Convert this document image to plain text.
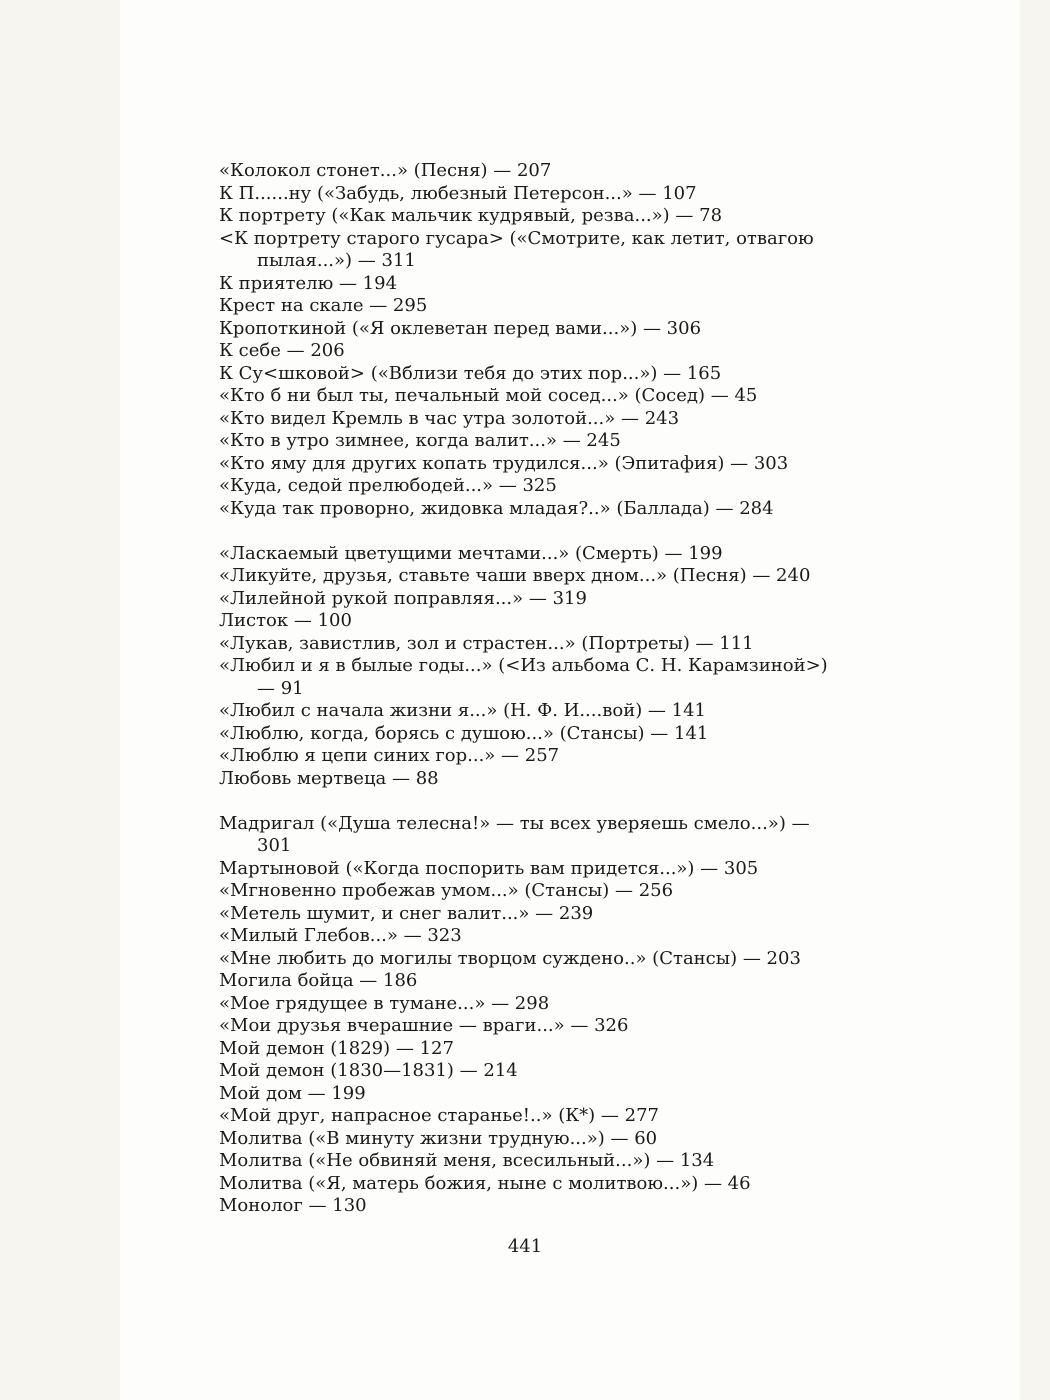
«Колокол стонет...» (Песня) — 207
К П......ну («Забудь, любезный Петерсон...» — 107
К портрету («Как мальчик кудрявый, резва...») — 78
<К портрету старого гусара> («Смотрите, как летит, отвагою пылая...») — 311
К приятелю — 194
Крест на скале — 295
Кропоткиной («Я оклеветан перед вами...») — 306
К себе — 206
К Су<шковой> («Вблизи тебя до этих пор...») — 165
«Кто б ни был ты, печальный мой сосед...» (Сосед) — 45
«Кто видел Кремль в час утра золотой...» — 243
«Кто в утро зимнее, когда валит...» — 245
«Кто яму для других копать трудился...» (Эпитафия) — 303
«Куда, седой прелюбодей...» — 325
«Куда так проворно, жидовка младая?..» (Баллада) — 284
«Ласкаемый цветущими мечтами...» (Смерть) — 199
«Ликуйте, друзья, ставьте чаши вверх дном...» (Песня) — 240
«Лилейной рукой поправляя...» — 319
Листок — 100
«Лукав, завистлив, зол и страстен...» (Портреты) — 111
«Любил и я в былые годы...» (<Из альбома С. Н. Карамзиной>) — 91
«Любил с начала жизни я...» (Н. Ф. И....вой) — 141
«Люблю, когда, борясь с душою...» (Стансы) — 141
«Люблю я цепи синих гор...» — 257
Любовь мертвеца — 88
Мадригал («Душа телесна!» — ты всех уверяешь смело...») — 301
Мартыновой («Когда поспорить вам придется...») — 305
«Мгновенно пробежав умом...» (Стансы) — 256
«Метель шумит, и снег валит...» — 239
«Милый Глебов...» — 323
«Мне любить до могилы творцом суждено..» (Стансы) — 203
Могила бойца — 186
«Мое грядущее в тумане...» — 298
«Мои друзья вчерашние — враги...» — 326
Мой демон (1829) — 127
Мой демон (1830—1831) — 214
Мой дом — 199
«Мой друг, напрасное старанье!..» (К*) — 277
Молитва («В минуту жизни трудную...») — 60
Молитва («Не обвиняй меня, всесильный...») — 134
Молитва («Я, матерь божия, ныне с молитвою...») — 46
Монолог — 130
441
